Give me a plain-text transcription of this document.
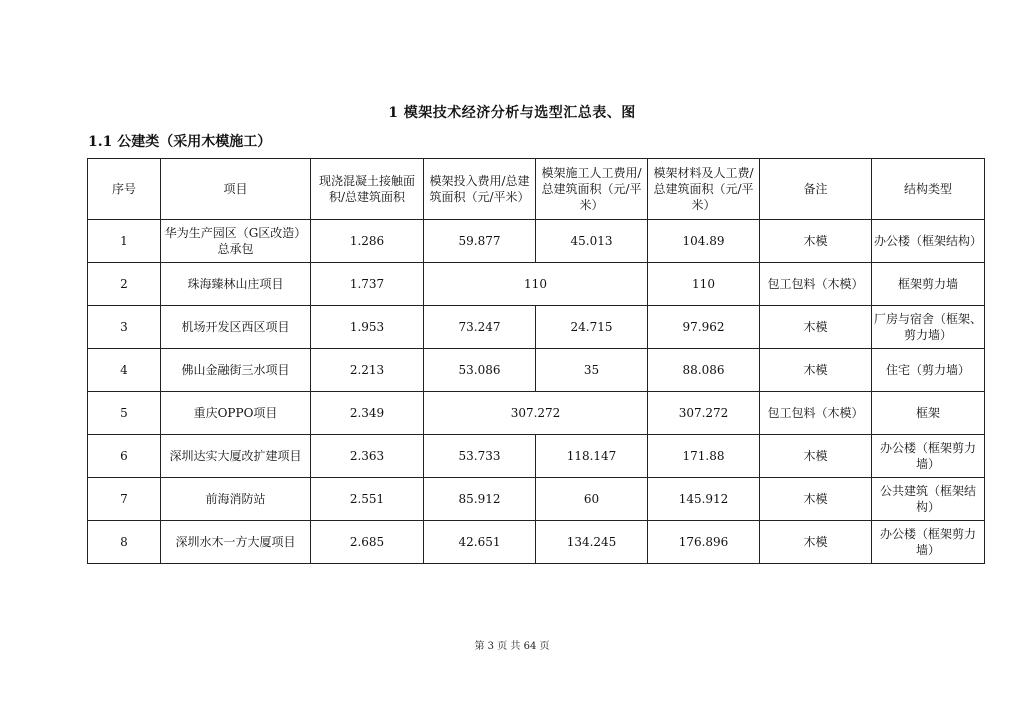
1 模架技术经济分析与选型汇总表、图
1.1 公建类（采用木模施工）
序号	项目	现浇混凝土接触面积/总建筑面积	模架投入费用/总建筑面积（元/平米）	模架施工人工费用/总建筑面积（元/平米）	模架材料及人工费/总建筑面积（元/平米）	备注	结构类型
1	华为生产园区（G区改造）总承包	1.286	59.877	45.013	104.89	木模	办公楼（框架结构）
2	珠海臻林山庄项目	1.737	110		110	包工包料（木模）	框架剪力墙
3	机场开发区西区项目	1.953	73.247	24.715	97.962	木模	厂房与宿舍（框架、剪力墙）
4	佛山金融街三水项目	2.213	53.086	35	88.086	木模	住宅（剪力墙）
5	重庆OPPO项目	2.349	307.272		307.272	包工包料（木模）	框架
6	深圳达实大厦改扩建项目	2.363	53.733	118.147	171.88	木模	办公楼（框架剪力墙）
7	前海消防站	2.551	85.912	60	145.912	木模	公共建筑（框架结构）
8	深圳水木一方大厦项目	2.685	42.651	134.245	176.896	木模	办公楼（框架剪力墙）
第 3 页 共 64 页
